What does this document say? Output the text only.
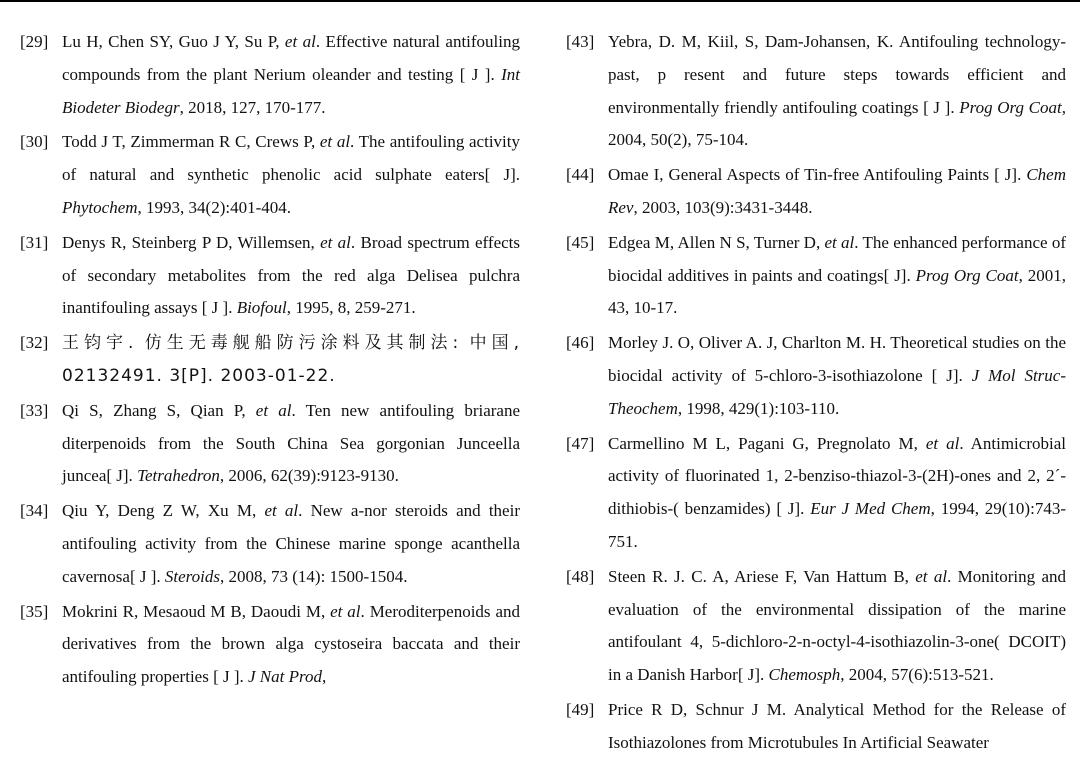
[29] Lu H, Chen SY, Guo J Y, Su P, et al. Effective natural antifouling compounds from the plant Nerium oleander and testing [ J ]. Int Biodeter Biodegr, 2018, 127, 170-177.
[30] Todd J T, Zimmerman R C, Crews P, et al. The antifouling activity of natural and synthetic phenolic acid sulphate eaters[ J]. Phytochem, 1993, 34(2):401-404.
[31] Denys R, Steinberg P D, Willemsen, et al. Broad spectrum effects of secondary metabolites from the red alga Delisea pulchra inantifouling assays [ J ]. Biofoul, 1995, 8, 259-271.
[32] 王钧宇. 仿生无毒舰船防污涂料及其制法: 中国, 02132491. 3[P]. 2003-01-22.
[33] Qi S, Zhang S, Qian P, et al. Ten new antifouling briarane diterpenoids from the South China Sea gorgonian Junceella juncea[ J]. Tetrahedron, 2006, 62(39):9123-9130.
[34] Qiu Y, Deng Z W, Xu M, et al. New a-nor steroids and their antifouling activity from the Chinese marine sponge acanthella cavernosa[ J ]. Steroids, 2008, 73 (14): 1500-1504.
[35] Mokrini R, Mesaoud M B, Daoudi M, et al. Meroditerpenoids and derivatives from the brown alga cystoseira baccata and their antifouling properties [ J ]. J Nat Prod,
[43] Yebra, D. M, Kiil, S, Dam-Johansen, K. Antifouling technology-past, p resent and future steps towards efficient and environmentally friendly antifouling coatings [ J ]. Prog Org Coat, 2004, 50(2), 75-104.
[44] Omae I, General Aspects of Tin-free Antifouling Paints [ J]. Chem Rev, 2003, 103(9):3431-3448.
[45] Edgea M, Allen N S, Turner D, et al. The enhanced performance of biocidal additives in paints and coatings[ J]. Prog Org Coat, 2001, 43, 10-17.
[46] Morley J. O, Oliver A. J, Charlton M. H. Theoretical studies on the biocidal activity of 5-chloro-3-isothiazolone [ J]. J Mol Struc-Theochem, 1998, 429(1):103-110.
[47] Carmellino M L, Pagani G, Pregnolato M, et al. Antimicrobial activity of fluorinated 1, 2-benziso-thiazol-3-(2H)-ones and 2, 2´-dithiobis-( benzamides) [ J]. Eur J Med Chem, 1994, 29(10):743-751.
[48] Steen R. J. C. A, Ariese F, Van Hattum B, et al. Monitoring and evaluation of the environmental dissipation of the marine antifoulant 4, 5-dichloro-2-n-octyl-4-isothiazolin-3-one( DCOIT) in a Danish Harbor[ J]. Chemosph, 2004, 57(6):513-521.
[49] Price R D, Schnur J M. Analytical Method for the Release of Isothiazolones from Microtubules In Artificial Seawater
